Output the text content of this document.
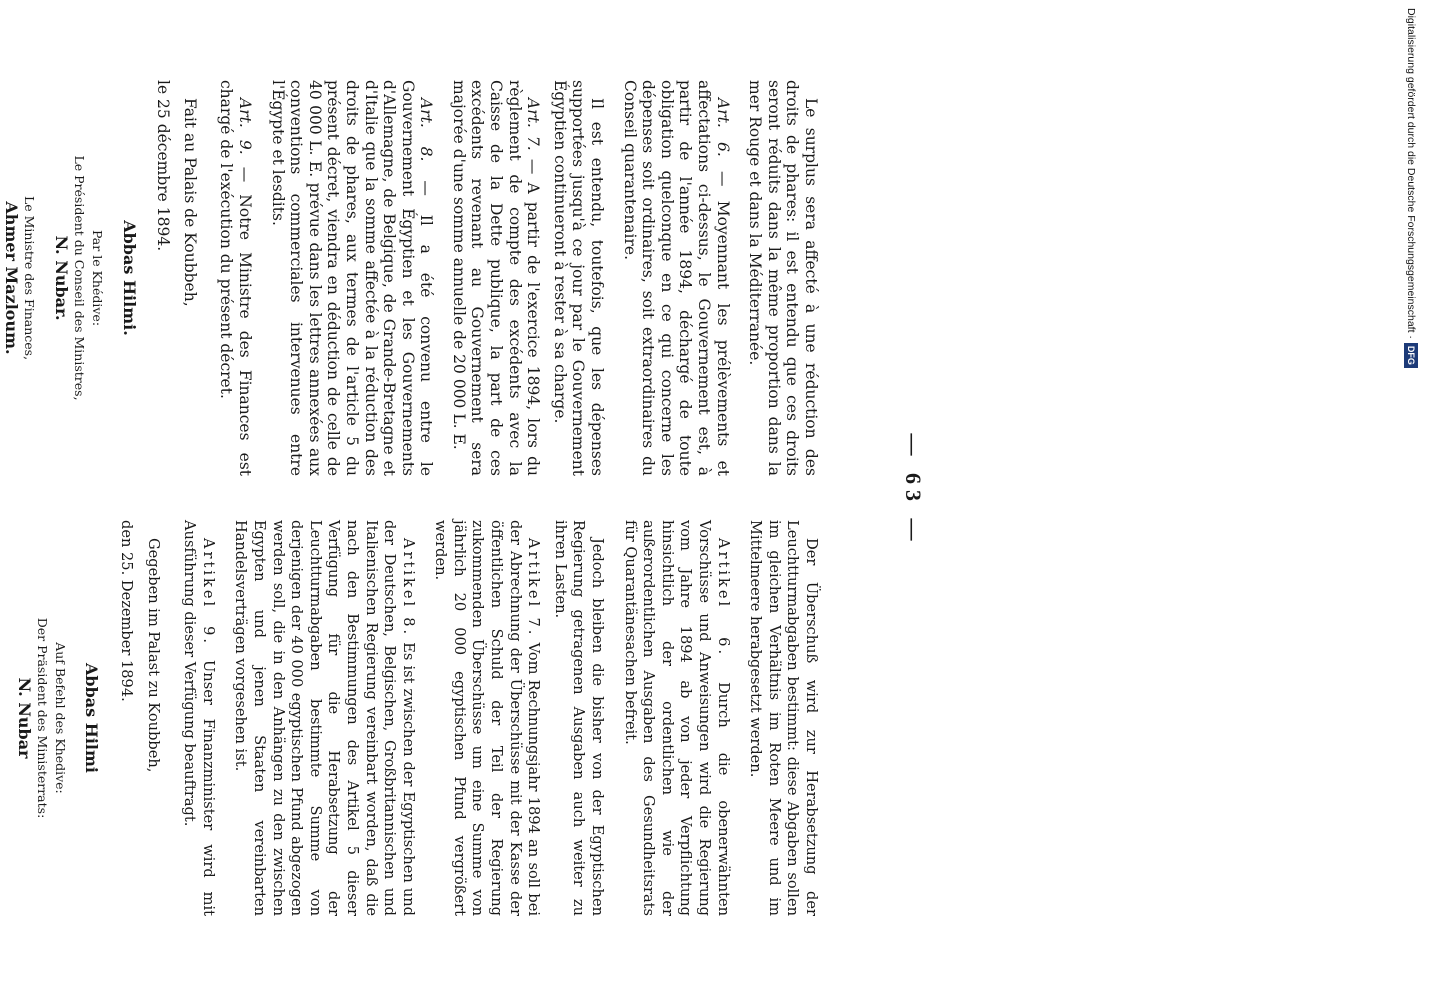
— 63 —

Le surplus sera affecté à une réduction des droits de phares: il est entendu que ces droits seront réduits dans la même proportion dans la mer Rouge et dans la Méditerranée.

Art. 6. — Moyennant les prélèvements et affectations ci-dessus, le Gouvernement est, à partir de l'année 1894, déchargé de toute obligation quelconque en ce qui concerne les dépenses soit ordinaires, soit extraordinaires du Conseil quarantenaire.

Il est entendu, toutefois, que les dépenses supportées jusqu'à ce jour par le Gouvernement Égyptien continueront à rester à sa charge.

Art. 7. — A partir de l'exercice 1894, lors du règlement de compte des excédents avec la Caisse de la Dette publique, la part de ces excédents revenant au Gouvernement sera majorée d'une somme annuelle de 20 000 L. E.

Art. 8. — Il a été convenu entre le Gouvernement Égyptien et les Gouvernements d'Allemagne, de Belgique, de Grande-Bretagne et d'Italie que la somme affectée à la réduction des droits de phares, aux termes de l'article 5 du présent décret, viendra en déduction de celle de 40 000 L. E. prévue dans les lettres annexées aux conventions commerciales intervenues entre l'Égypte et lesdits.

Art. 9. — Notre Ministre des Finances est chargé de l'exécution du présent décret.

Fait au Palais de Koubbeh,

le 25 décembre 1894.

Abbas Hilmi.
Par le Khédive:
Le Président du Conseil des Ministres,
N. Nubar.
Le Ministre des Finances,
Ahmer Mazloum.

Der Überschuß wird zur Herabsetzung der Leuchtturmabgaben bestimmt: diese Abgaben sollen im gleichen Verhältnis im Roten Meere und im Mittelmeere herabgesetzt werden.

Artikel 6. Durch die obenerwähnten Vorschüsse und Anweisungen wird die Regierung vom Jahre 1894 ab von jeder Verpflichtung hinsichtlich der ordentlichen wie der außerordentlichen Ausgaben des Gesundheitsrats für Quarantänesachen befreit.

Jedoch bleiben die bisher von der Egyptischen Regierung getragenen Ausgaben auch weiter zu ihren Lasten.

Artikel 7. Vom Rechnungsjahr 1894 an soll bei der Abrechnung der Überschüsse mit der Kasse der öffentlichen Schuld der Teil der Regierung zukommenden Überschüsse um eine Summe von jährlich 20 000 egyptischen Pfund vergrößert werden.

Artikel 8. Es ist zwischen der Egyptischen und der Deutschen, Belgischen, Großbritannischen und Italienischen Regierung vereinbart worden, daß die nach den Bestimmungen des Artikel 5 dieser Verfügung für die Herabsetzung der Leuchtturmabgaben bestimmte Summe von derjenigen der 40 000 egyptischen Pfund abgezogen werden soll, die in den Anhängen zu den zwischen Egypten und jenen Staaten vereinbarten Handelsverträgen vorgesehen ist.

Artikel 9. Unser Finanzminister wird mit Ausführung dieser Verfügung beauftragt.

Gegeben im Palast zu Koubbeh,

den 25. Dezember 1894.

Abbas Hilmi
Auf Befehl des Khedive:
Der Präsident des Ministerrats:
N. Nubar
Digitalisierung gefördert durch die Deutsche Forschungsgemeinschaft ·
DFG
